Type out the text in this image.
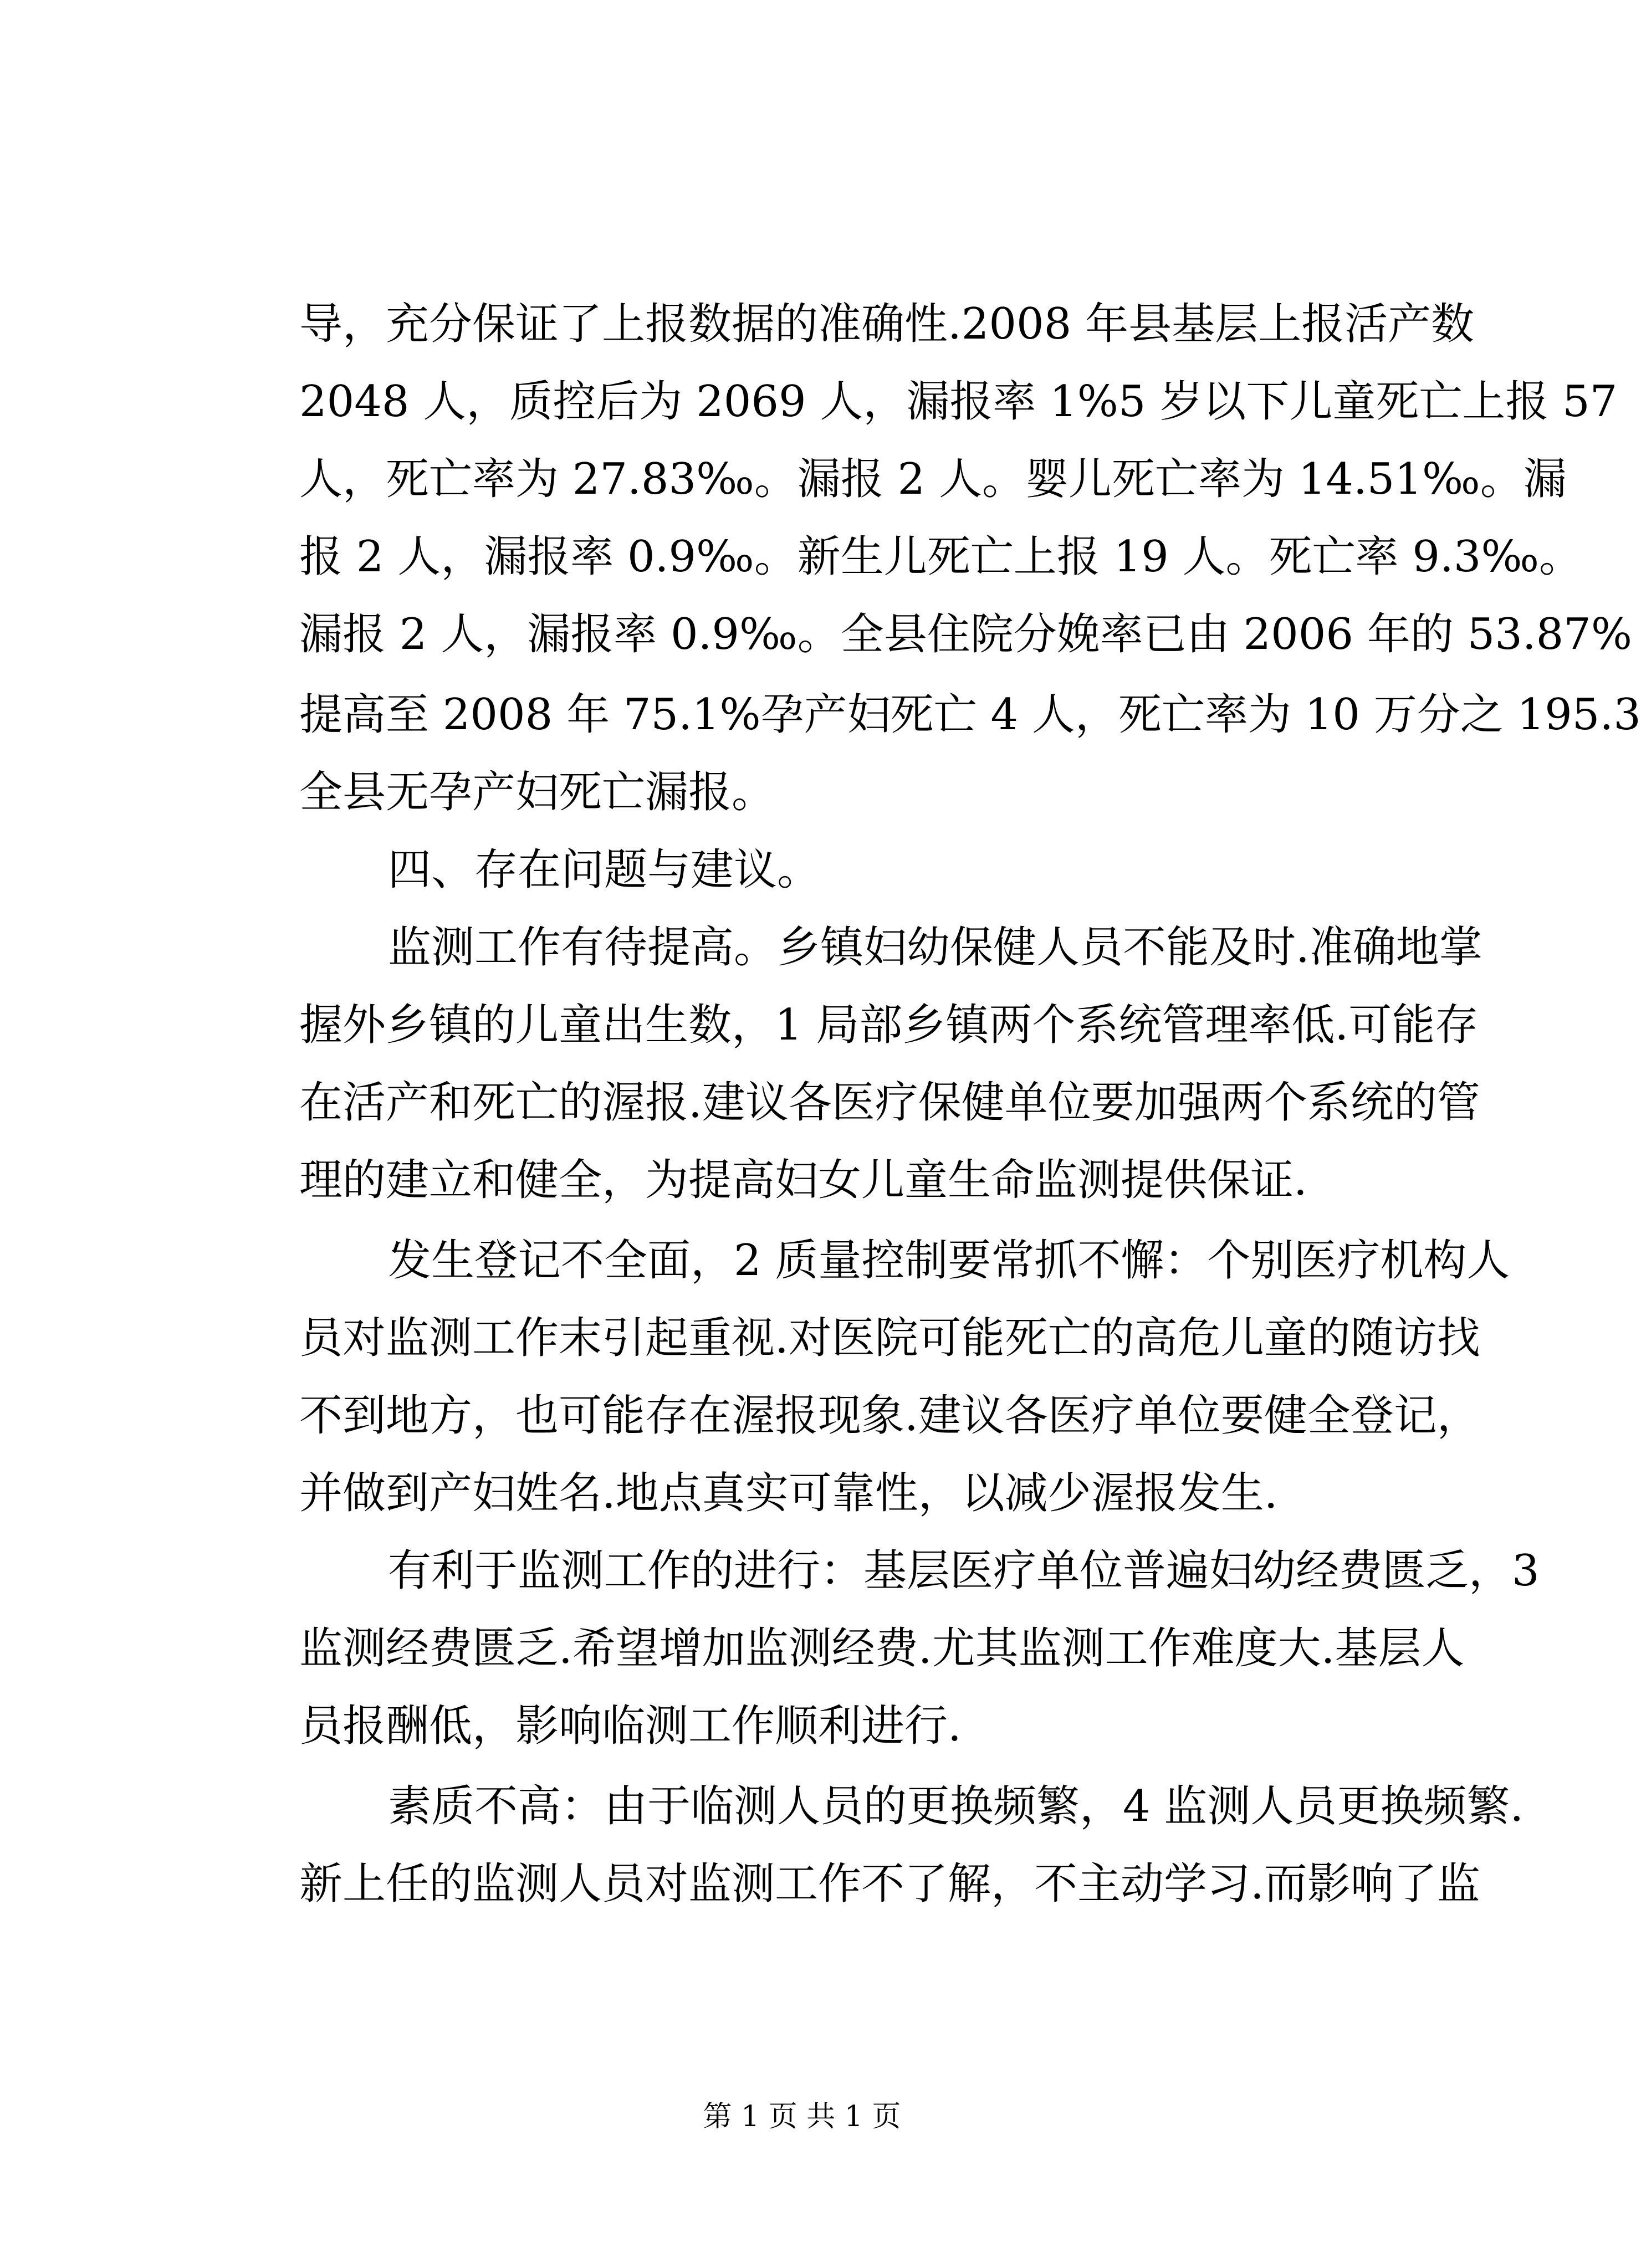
导，充分保证了上报数据的准确性.2008 年县基层上报活产数
2048 人，质控后为 2069 人，漏报率 1%5 岁以下儿童死亡上报 57
人，死亡率为 27.83‰。漏报 2 人。婴儿死亡率为 14.51‰。漏
报 2 人，漏报率 0.9‰。新生儿死亡上报 19 人。死亡率 9.3‰。
漏报 2 人，漏报率 0.9‰。全县住院分娩率已由 2006 年的 53.87%
提高至 2008 年 75.1%孕产妇死亡 4 人，死亡率为 10 万分之 195.3
全县无孕产妇死亡漏报。
四、存在问题与建议。
监测工作有待提高。乡镇妇幼保健人员不能及时.准确地掌
握外乡镇的儿童出生数，1 局部乡镇两个系统管理率低.可能存
在活产和死亡的渥报.建议各医疗保健单位要加强两个系统的管
理的建立和健全，为提高妇女儿童生命监测提供保证.
发生登记不全面，2 质量控制要常抓不懈：个别医疗机构人
员对监测工作末引起重视.对医院可能死亡的高危儿童的随访找
不到地方，也可能存在渥报现象.建议各医疗单位要健全登记，
并做到产妇姓名.地点真实可靠性，以减少渥报发生.
有利于监测工作的进行：基层医疗单位普遍妇幼经费匮乏，3
监测经费匮乏.希望增加监测经费.尤其监测工作难度大.基层人
员报酬低，影响临测工作顺利进行.
素质不高：由于临测人员的更换频繁，4 监测人员更换频繁.
新上任的监测人员对监测工作不了解，不主动学习.而影响了监
第 1 页 共 1 页
